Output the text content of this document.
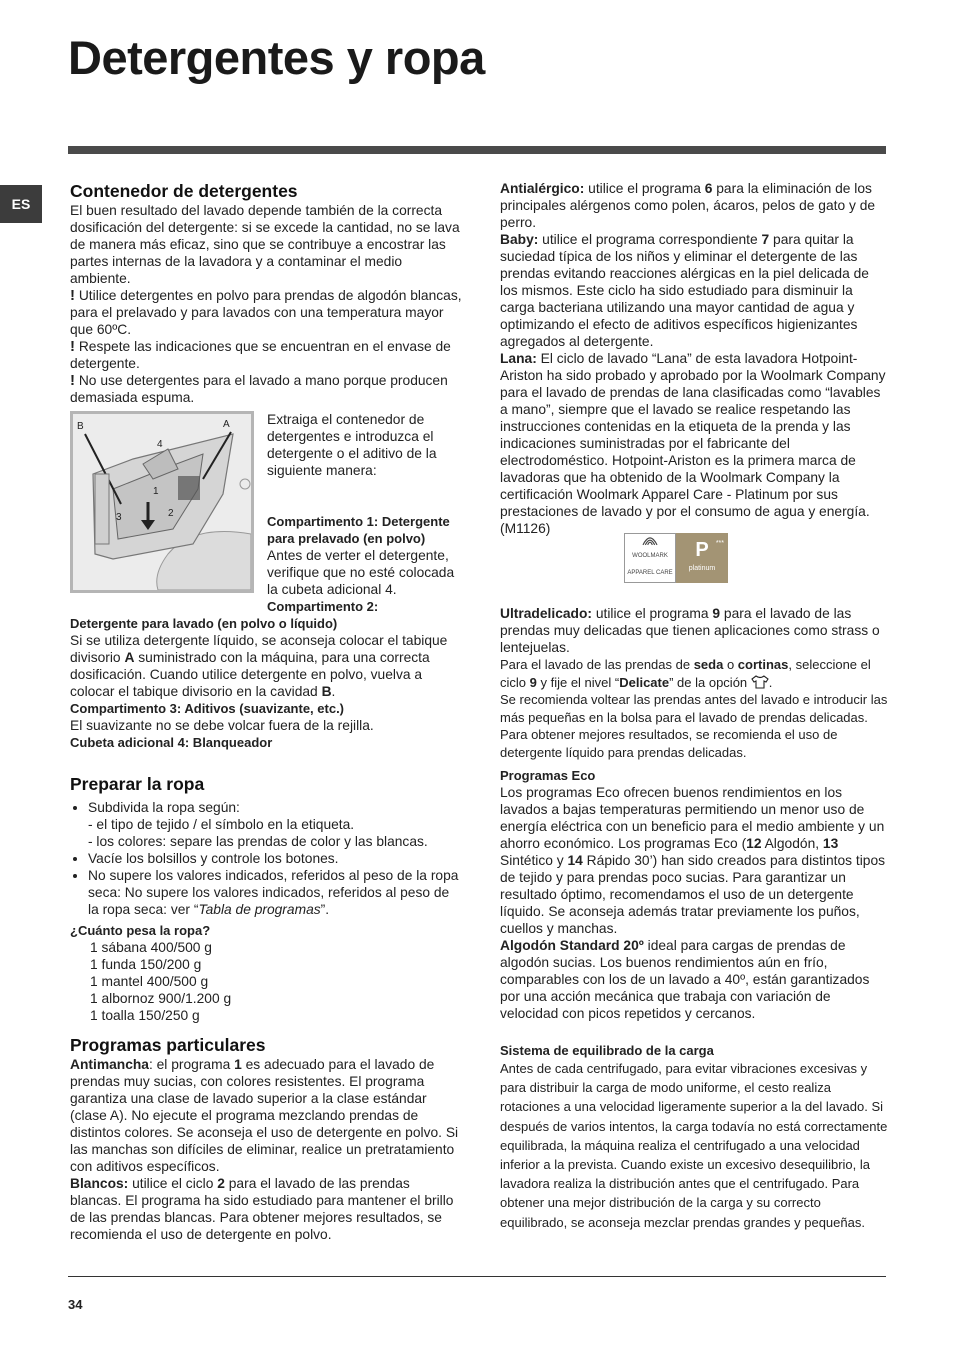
Detergentes y ropa
ES
Contenedor de detergentes

El buen resultado del lavado depende también de la correcta dosificación del detergente: si se excede la cantidad, no se lava de manera más eficaz, sino que se contribuye a encostrar las partes internas de la lavadora y a contaminar el medio ambiente.

! Utilice detergentes en polvo para prendas de algodón blancas, para el prelavado y para lavados con una temperatura mayor que 60ºC.

! Respete las indicaciones que se encuentran en el envase de detergente.

! No use detergentes para el lavado a mano porque producen demasiada espuma.

B	A
1
2
3
4

Extraiga el contenedor de detergentes e introduzca el detergente o el aditivo de la siguiente manera:

Compartimento 1: Detergente para prelavado (en polvo)

Antes de verter el detergente, verifique que no esté colocada la cubeta adicional 4.

Compartimento 2:

Detergente para lavado (en polvo o líquido)

Si se utiliza detergente líquido, se aconseja colocar el tabique divisorio A suministrado con la máquina, para una correcta dosificación. Cuando utilice detergente en polvo, vuelva a colocar el tabique divisorio en la cavidad B.

Compartimento 3: Aditivos (suavizante, etc.)

El suavizante no se debe volcar fuera de la rejilla.

Cubeta adicional 4: Blanqueador

Preparar la ropa
• Subdivida la ropa según:
- el tipo de tejido / el símbolo en la etiqueta.
- los colores: separe las prendas de color y las blancas.
• Vacíe los bolsillos y controle los botones.
• No supere los valores indicados, referidos al peso de la ropa seca: No supere los valores indicados, referidos al peso de la ropa seca: ver “Tabla de programas”.

¿Cuánto pesa la ropa?

1 sábana 400/500 g

1 funda 150/200 g

1 mantel 400/500 g

1 albornoz 900/1.200 g

1 toalla 150/250 g

Programas particulares

Antimancha: el programa 1 es adecuado para el lavado de prendas muy sucias, con colores resistentes. El programa garantiza una clase de lavado superior a la clase estándar (clase A). No ejecute el programa mezclando prendas de distintos colores. Se aconseja el uso de detergente en polvo. Si las manchas son difíciles de eliminar, realice un pretratamiento con aditivos específicos.

Blancos: utilice el ciclo 2 para el lavado de las prendas blancas. El programa ha sido estudiado para mantener el brillo de las prendas blancas. Para obtener mejores resultados, se recomienda el uso de detergente en polvo.

Antialérgico: utilice el programa 6 para la eliminación de los principales alérgenos como polen, ácaros, pelos de gato y de perro.

Baby: utilice el programa correspondiente 7 para quitar la suciedad típica de los niños y eliminar el detergente de las prendas evitando reacciones alérgicas en la piel delicada de los mismos. Este ciclo ha sido estudiado para disminuir la carga bacteriana utilizando una mayor cantidad de agua y optimizando el efecto de aditivos específicos higienizantes agregados al detergente.

Lana: El ciclo de lavado “Lana” de esta lavadora Hotpoint-Ariston ha sido probado y aprobado por la Woolmark Company para el lavado de prendas de lana clasificadas como “lavables a mano”, siempre que el lavado se realice respetando las instrucciones contenidas en la etiqueta de la prenda y las indicaciones suministradas por el fabricante del electrodoméstico. Hotpoint-Ariston es la primera marca de lavadoras que ha obtenido de la Woolmark Company la certificación Woolmark Apparel Care - Platinum por sus prestaciones de lavado y por el consumo de agua y energía. (M1126)

WOOLMARK
APPAREL CARE
***
P
platinum

Ultradelicado: utilice el programa 9 para el lavado de las prendas muy delicadas que tienen aplicaciones como strass o lentejuelas.

Para el lavado de las prendas de seda o cortinas, seleccione el ciclo 9 y fije el nivel “Delicate” de la opción .

Se recomienda voltear las prendas antes del lavado e introducir las más pequeñas en la bolsa para el lavado de prendas delicadas. Para obtener mejores resultados, se recomienda el uso de detergente líquido para prendas delicadas.

Programas Eco

Los programas Eco ofrecen buenos rendimientos en los lavados a bajas temperaturas permitiendo un menor uso de energía eléctrica con un beneficio para el medio ambiente y un ahorro económico. Los programas Eco (12 Algodón, 13 Sintético y 14 Rápido 30’) han sido creados para distintos tipos de tejido y para prendas poco sucias. Para garantizar un resultado óptimo, recomendamos el uso de un detergente líquido. Se aconseja además tratar previamente los puños, cuellos y manchas.

Algodón Standard 20º ideal para cargas de prendas de algodón sucias. Los buenos rendimientos aún en frío, comparables con los de un lavado a 40º, están garantizados por una acción mecánica que trabaja con variación de velocidad con picos repetidos y cercanos.

Sistema de equilibrado de la carga

Antes de cada centrifugado, para evitar vibraciones excesivas y para distribuir la carga de modo uniforme, el cesto realiza rotaciones a una velocidad ligeramente superior a la del lavado. Si después de varios intentos, la carga todavía no está correctamente equilibrada, la máquina realiza el centrifugado a una velocidad inferior a la prevista. Cuando existe un excesivo desequilibrio, la lavadora realiza la distribución antes que el centrifugado. Para obtener una mejor distribución de la carga y su correcto equilibrado, se aconseja mezclar prendas grandes y pequeñas.

34
